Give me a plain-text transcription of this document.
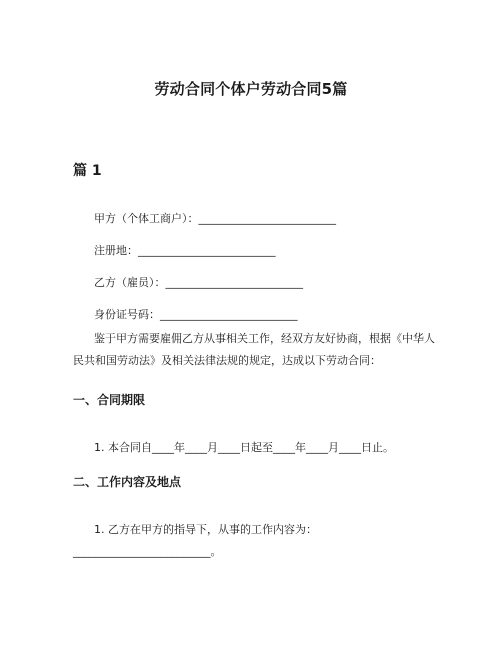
劳动合同个体户劳动合同5篇
篇 1
甲方（个体工商户）：_________________________
注册地：_________________________
乙方（雇员）：_________________________
身份证号码：_________________________
鉴于甲方需要雇佣乙方从事相关工作，经双方友好协商，根据《中华人民共和国劳动法》及相关法律法规的规定，达成以下劳动合同：
一、合同期限
1. 本合同自____年____月____日起至____年____月____日止。
二、工作内容及地点
1. 乙方在甲方的指导下，从事的工作内容为：
_________________________。
